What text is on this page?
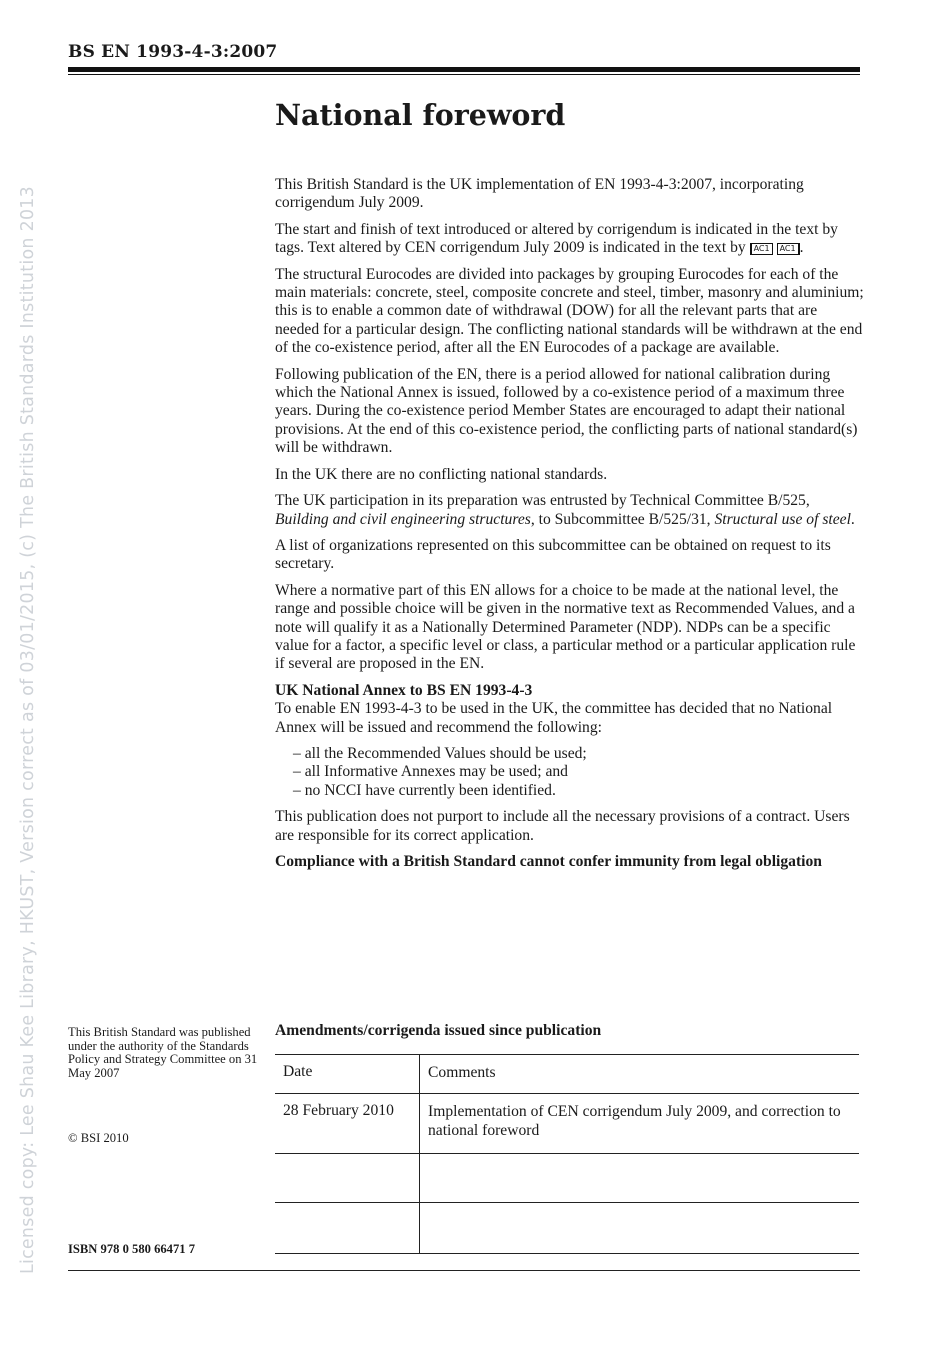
BS EN 1993-4-3:2007
Licensed copy: Lee Shau Kee Library, HKUST, Version correct as of 03/01/2015, (c) The British Standards Institution 2013
National foreword

This British Standard is the UK implementation of EN 1993-4-3:2007, incorporating corrigendum July 2009.

The start and finish of text introduced or altered by corrigendum is indicated in the text by tags. Text altered by CEN corrigendum July 2009 is indicated in the text by AC1 AC1 .

The structural Eurocodes are divided into packages by grouping Eurocodes for each of the main materials: concrete, steel, composite concrete and steel, timber, masonry and aluminium; this is to enable a common date of withdrawal (DOW) for all the relevant parts that are needed for a particular design. The conflicting national standards will be withdrawn at the end of the co-existence period, after all the EN Eurocodes of a package are available.

Following publication of the EN, there is a period allowed for national calibration during which the National Annex is issued, followed by a co-existence period of a maximum three years. During the co-existence period Member States are encouraged to adapt their national provisions. At the end of this co-existence period, the conflicting parts of national standard(s) will be withdrawn.

In the UK there are no conflicting national standards.

The UK participation in its preparation was entrusted by Technical Committee B/525, Building and civil engineering structures, to Subcommittee B/525/31, Structural use of steel.

A list of organizations represented on this subcommittee can be obtained on request to its secretary.

Where a normative part of this EN allows for a choice to be made at the national level, the range and possible choice will be given in the normative text as Recommended Values, and a note will qualify it as a Nationally Determined Parameter (NDP). NDPs can be a specific value for a factor, a specific level or class, a particular method or a particular application rule if several are proposed in the EN.

UK National Annex to BS EN 1993-4-3

To enable EN 1993-4-3 to be used in the UK, the committee has decided that no National Annex will be issued and recommend the following:

– all the Recommended Values should be used;
– all Informative Annexes may be used; and
– no NCCI have currently been identified.

This publication does not purport to include all the necessary provisions of a contract. Users are responsible for its correct application.

Compliance with a British Standard cannot confer immunity from legal obligation

This British Standard was published under the authority of the Standards Policy and Strategy Committee on 31 May 2007
© BSI 2010
ISBN 978 0 580 66471 7
Amendments/corrigenda issued since publication
Date	Comments
28 February 2010	Implementation of CEN corrigendum July 2009, and correction to national foreword
